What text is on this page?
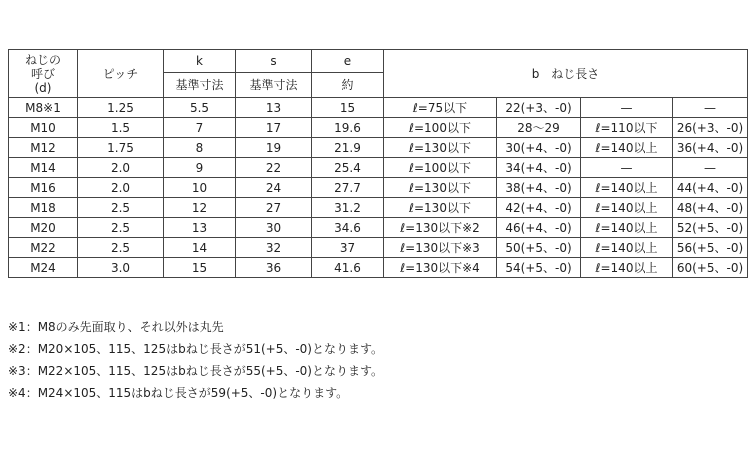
ねじの
呼び
(d)	ピッチ	k	s	e	b　ねじ長さ			
		基準寸法	基準寸法	約				

M8※1	1.25	5.5	13	15	ℓ=75以下	22(+3、-0)	—	—
M10	1.5	7	17	19.6	ℓ=100以下	28～29	ℓ=110以下	26(+3、-0)
M12	1.75	8	19	21.9	ℓ=130以下	30(+4、-0)	ℓ=140以上	36(+4、-0)
M14	2.0	9	22	25.4	ℓ=100以下	34(+4、-0)	—	—
M16	2.0	10	24	27.7	ℓ=130以下	38(+4、-0)	ℓ=140以上	44(+4、-0)
M18	2.5	12	27	31.2	ℓ=130以下	42(+4、-0)	ℓ=140以上	48(+4、-0)
M20	2.5	13	30	34.6	ℓ=130以下※2	46(+4、-0)	ℓ=140以上	52(+5、-0)
M22	2.5	14	32	37	ℓ=130以下※3	50(+5、-0)	ℓ=140以上	56(+5、-0)
M24	3.0	15	36	41.6	ℓ=130以下※4	54(+5、-0)	ℓ=140以上	60(+5、-0)
※1：M8のみ先面取り、それ以外は丸先
※2：M20×105、115、125はbねじ長さが51(+5、-0)となります。
※3：M22×105、115、125はbねじ長さが55(+5、-0)となります。
※4：M24×105、115はbねじ長さが59(+5、-0)となります。
